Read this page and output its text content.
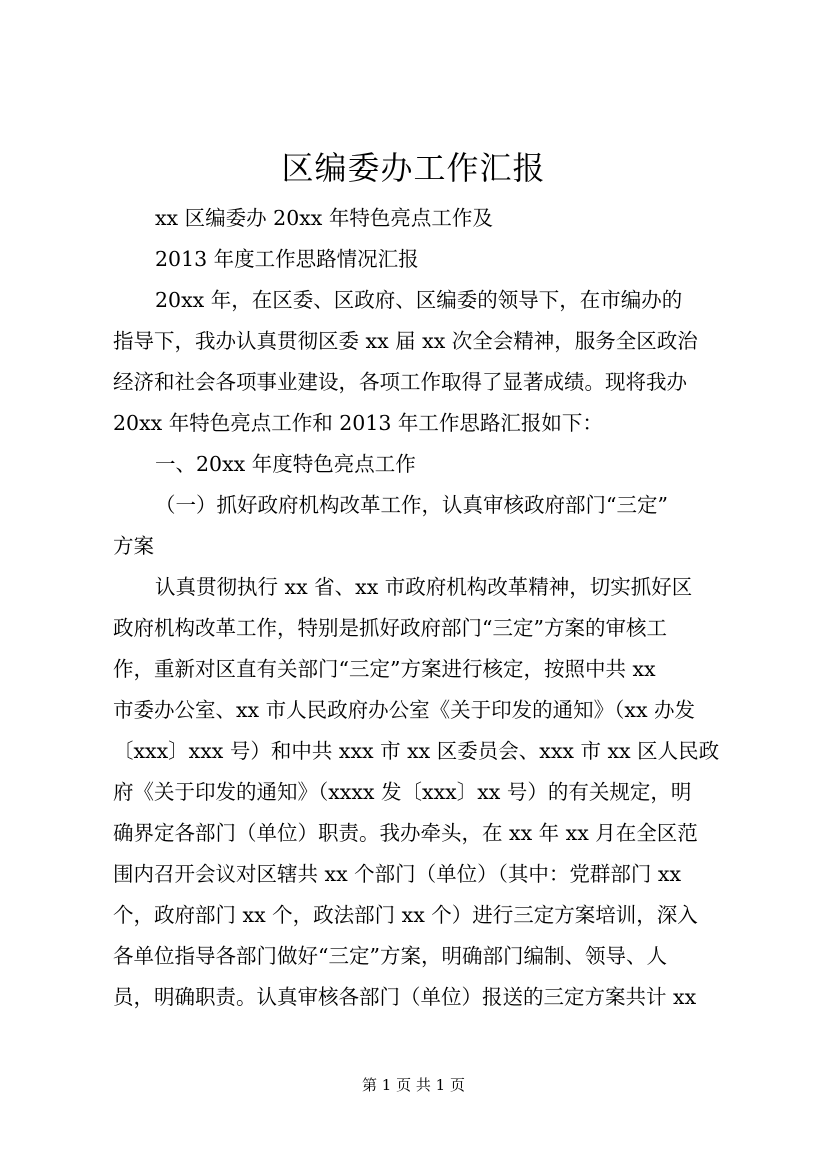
区编委办工作汇报
xx 区编委办 20xx 年特色亮点工作及
2013 年度工作思路情况汇报
20xx 年，在区委、区政府、区编委的领导下，在市编办的
指导下，我办认真贯彻区委 xx 届 xx 次全会精神，服务全区政治
经济和社会各项事业建设，各项工作取得了显著成绩。现将我办
20xx 年特色亮点工作和 2013 年工作思路汇报如下：
一、20xx 年度特色亮点工作
（一）抓好政府机构改革工作，认真审核政府部门“三定”
方案
认真贯彻执行 xx 省、xx 市政府机构改革精神，切实抓好区
政府机构改革工作，特别是抓好政府部门“三定”方案的审核工
作，重新对区直有关部门“三定”方案进行核定，按照中共 xx
市委办公室、xx 市人民政府办公室《关于印发的通知》（xx 办发
〔xxx〕xxx 号）和中共 xxx 市 xx 区委员会、xxx 市 xx 区人民政
府《关于印发的通知》（xxxx 发〔xxx〕xx 号）的有关规定，明
确界定各部门（单位）职责。我办牵头，在 xx 年 xx 月在全区范
围内召开会议对区辖共 xx 个部门（单位）（其中：党群部门 xx
个，政府部门 xx 个，政法部门 xx 个）进行三定方案培训，深入
各单位指导各部门做好“三定”方案，明确部门编制、领导、人
员，明确职责。认真审核各部门（单位）报送的三定方案共计 xx
第 1 页 共 1 页
